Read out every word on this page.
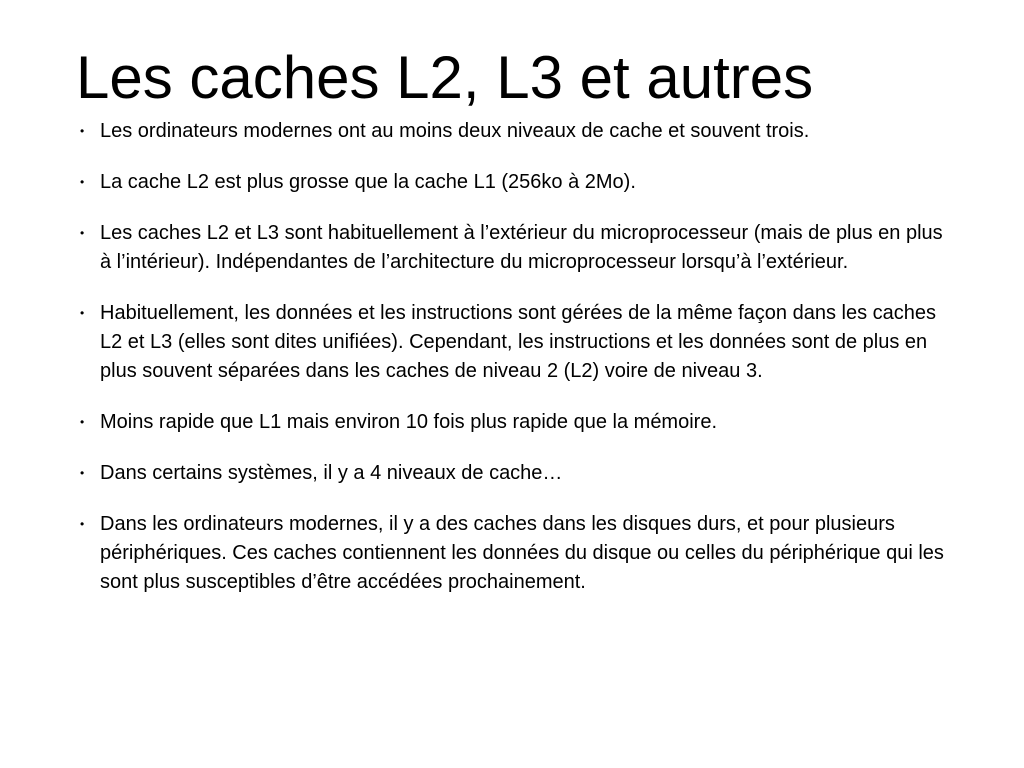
Les caches L2, L3 et autres
• Les ordinateurs modernes ont au moins deux niveaux de cache et souvent trois.
• La cache L2 est plus grosse que la cache L1 (256ko à 2Mo).
• Les caches L2 et L3 sont habituellement à l’extérieur du microprocesseur (mais de plus en plus à l’intérieur). Indépendantes de l’architecture du microprocesseur lorsqu’à l’extérieur.
• Habituellement, les données et les instructions sont gérées de la même façon dans les caches L2 et L3 (elles sont dites unifiées). Cependant, les instructions et les données sont de plus en plus souvent séparées dans les caches de niveau 2 (L2) voire de niveau 3.
• Moins rapide que L1 mais environ 10 fois plus rapide que la mémoire.
• Dans certains systèmes, il y a 4 niveaux de cache…
• Dans les ordinateurs modernes, il y a des caches dans les disques durs, et pour plusieurs périphériques. Ces caches contiennent les données du disque ou celles du périphérique qui les sont plus susceptibles d’être accédées prochainement.
